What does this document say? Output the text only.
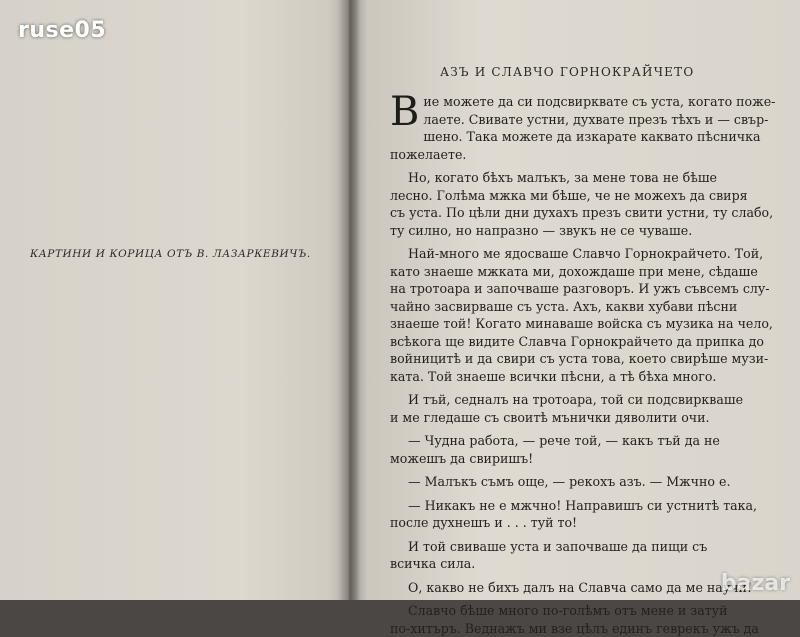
КАРТИНИ И КОРИЦА ОТЪ В. ЛАЗАРКЕВИЧЪ.
АЗЪ И СЛАВЧО ГОРНОКРАЙЧЕТО
В ие можете да си подсвирквате съ уста, когато поже-
лаете. Свивате устни, духвате презъ тѣхъ и — свър-
шено. Така можете да изкарате каквато пѣсничка
пожелаете.
Но, когато бѣхъ малъкъ, за мене това не бѣше
лесно. Голѣма мжка ми бѣше, че не можехъ да свиря
съ уста. По цѣли дни духахъ презъ свити устни, ту слабо,
ту силно, но напразно — звукъ не се чуваше.
Най-много ме ядосваше Славчо Горнокрайчето. Той,
като знаеше мжката ми, дохождаше при мене, сѣдаше
на тротоара и започваше разговоръ. И ужъ съвсемъ слу-
чайно засвирваше съ уста. Ахъ, какви хубави пѣсни
знаеше той! Когато минаваше войска съ музика на чело,
всѣкога ще видите Славча Горнокрайчето да припка до
войницитѣ и да свири съ уста това, което свирѣше музи-
ката. Той знаеше всички пѣсни, а тѣ бѣха много.
И тъй, седналъ на тротоара, той си подсвиркваше
и ме гледаше съ своитѣ мънички дяволити очи.
— Чудна работа, — рече той, — какъ тъй да не
можешъ да свиришъ!
— Малъкъ съмъ още, — рекохъ азъ. — Мжчно е.
— Никакъ не е мжчно! Направишъ си устнитѣ така,
после духнешъ и . . . туй то!
И той свиваше уста и започваше да пищи съ
всичка сила.
О, какво не бихъ далъ на Славча само да ме научи!
Славчо бѣше много по-голѣмъ отъ мене и затуй
по-хитъръ. Веднажъ ми взе цѣлъ единъ геврекъ ужъ да
ruse05
bazar
